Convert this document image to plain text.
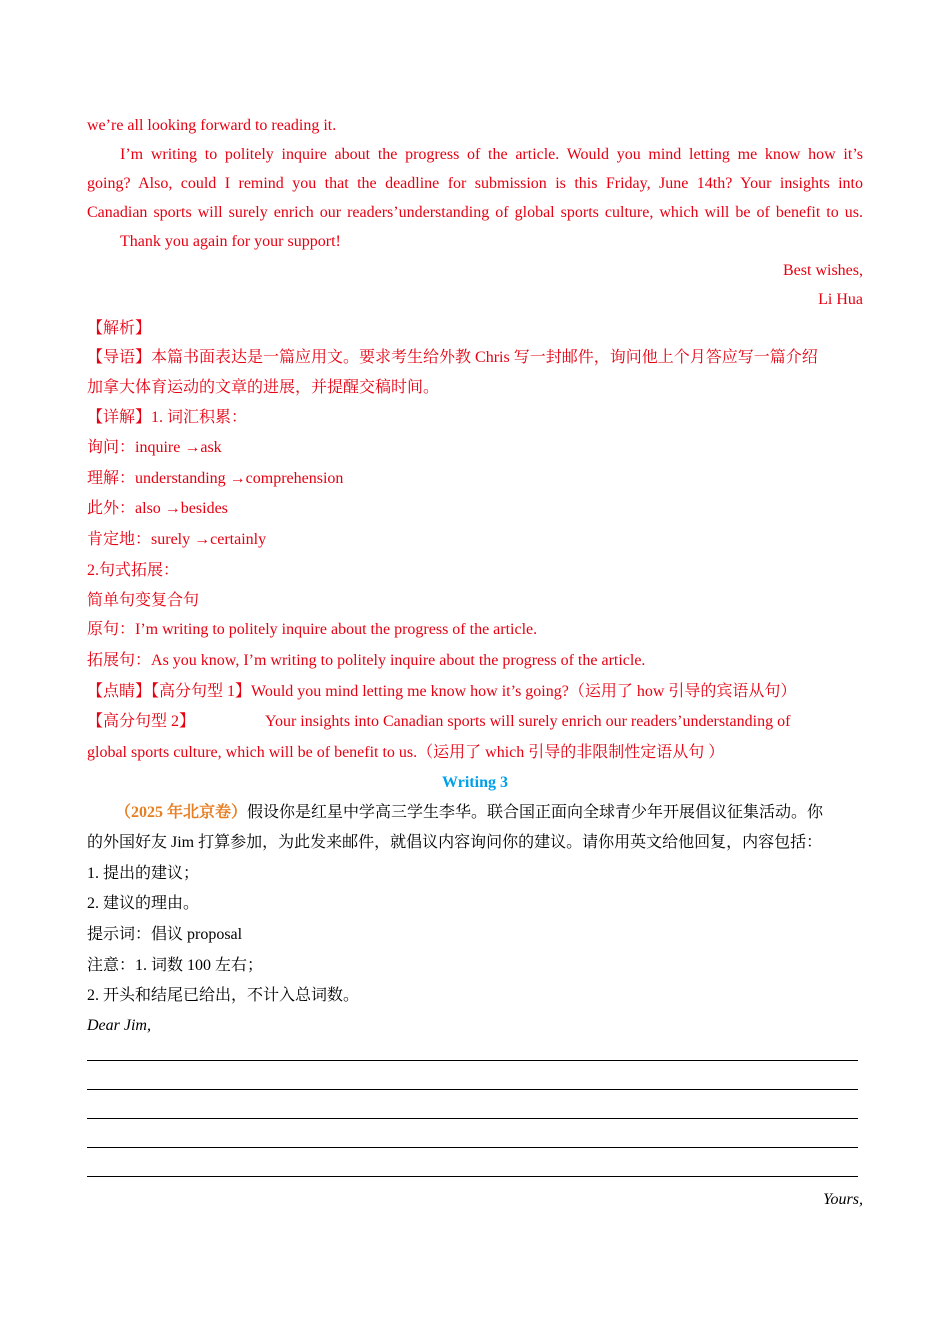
we’re all looking forward to reading it.
I’m writing to politely inquire about the progress of the article. Would you mind letting me know how it’s
going? Also, could I remind you that the deadline for submission is this Friday, June 14th? Your insights into
Canadian sports will surely enrich our readers’understanding of global sports culture, which will be of benefit to us.
Thank you again for your support!
Best wishes,
Li Hua
【解析】
【导语】本篇书面表达是一篇应用文。要求考生给外教 Chris 写一封邮件，询问他上个月答应写一篇介绍
加拿大体育运动的文章的进展，并提醒交稿时间。
【详解】1. 词汇积累：
询问：inquire →ask
理解：understanding →comprehension
此外：also →besides
肯定地：surely →certainly
2.句式拓展：
简单句变复合句
原句：I’m writing to politely inquire about the progress of the article.
拓展句：As you know, I’m writing to politely inquire about the progress of the article.
【点睛】【高分句型 1】Would you mind letting me know how it’s going?（运用了 how 引导的宾语从句）
【高分句型 2】	Your insights into Canadian sports will surely enrich our readers’understanding of
global sports culture, which will be of benefit to us.（运用了 which 引导的非限制性定语从句 ）
Writing 3
（2025 年北京卷）假设你是红星中学高三学生李华。联合国正面向全球青少年开展倡议征集活动。你
的外国好友 Jim 打算参加，为此发来邮件，就倡议内容询问你的建议。请你用英文给他回复，内容包括：
1. 提出的建议；
2. 建议的理由。
提示词：倡议 proposal
注意：1. 词数 100 左右；
2. 开头和结尾已给出，不计入总词数。
Dear Jim,
Yours,
